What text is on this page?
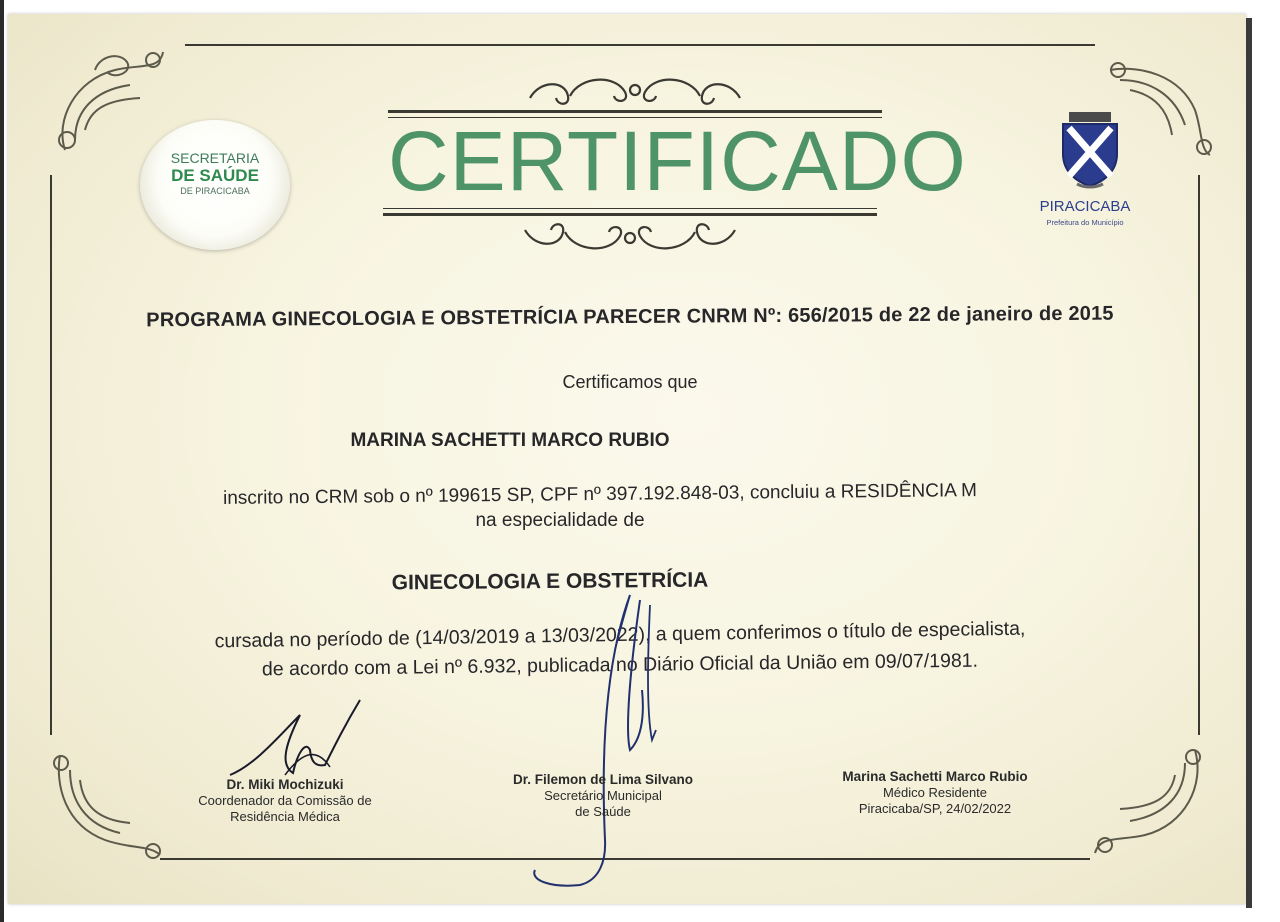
SECRETARIA
DE SAÚDE
DE PIRACICABA	CERTIFICADO	PIRACICABA
Prefeitura do Município
PROGRAMA GINECOLOGIA E OBSTETRÍCIA PARECER CNRM Nº: 656/2015 de 22 de janeiro de 2015
Certificamos que
MARINA SACHETTI MARCO RUBIO
inscrito no CRM sob o nº 199615 SP, CPF nº 397.192.848-03, concluiu a RESIDÊNCIA M
na especialidade de
GINECOLOGIA E OBSTETRÍCIA
cursada no período de (14/03/2019 a 13/03/2022), a quem conferimos o título de especialista,
de acordo com a Lei nº 6.932, publicada no Diário Oficial da União em 09/07/1981.
Dr. Miki Mochizuki
Coordenador da Comissão de
Residência Médica
Dr. Filemon de Lima Silvano
Secretário Municipal
de Saúde
Marina Sachetti Marco Rubio
Médico Residente
Piracicaba/SP, 24/02/2022
